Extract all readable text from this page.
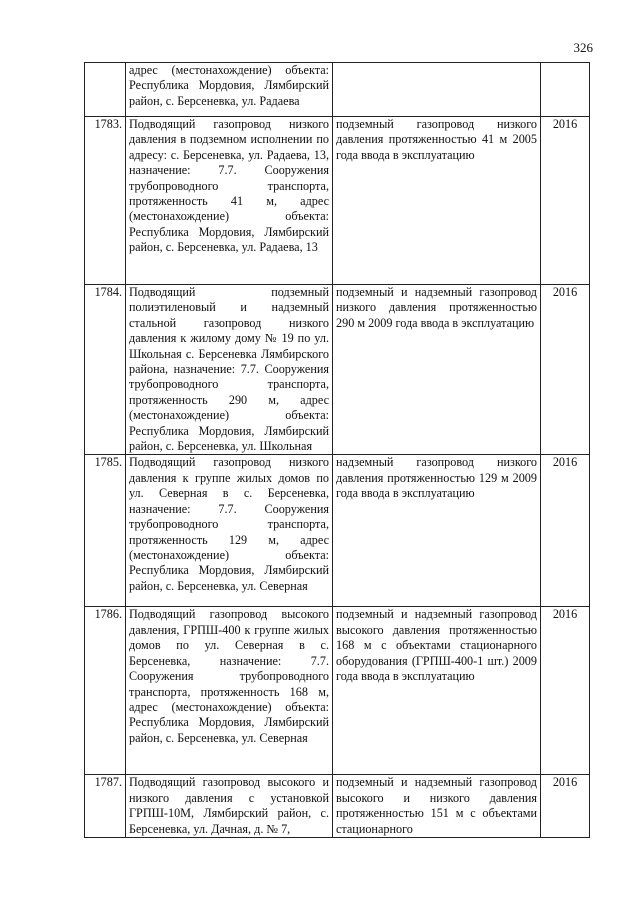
326
	адрес (местонахождение) объекта: Республика Мордовия, Лямбирский район, с. Берсеневка, ул. Радаева		
1783.	Подводящий газопровод низкого давления в подземном исполнении по адресу: с. Берсеневка, ул. Радаева, 13, назначение: 7.7. Сооружения трубопроводного транспорта, протяженность 41 м, адрес (местонахождение) объекта: Республика Мордовия, Лямбирский район, с. Берсеневка, ул. Радаева, 13	подземный газопровод низкого давления протяженностью 41 м 2005 года ввода в эксплуатацию	2016
1784.	Подводящий подземный полиэтиленовый и надземный стальной газопровод низкого давления к жилому дому № 19 по ул. Школьная с. Берсеневка Лямбирского района, назначение: 7.7. Сооружения трубопроводного транспорта, протяженность 290 м, адрес (местонахождение) объекта: Республика Мордовия, Лямбирский район, с. Берсеневка, ул. Школьная	подземный и надземный газопровод низкого давления протяженностью 290 м 2009 года ввода в эксплуатацию	2016
1785.	Подводящий газопровод низкого давления к группе жилых домов по ул. Северная в с. Берсеневка, назначение: 7.7. Сооружения трубопроводного транспорта, протяженность 129 м, адрес (местонахождение) объекта: Республика Мордовия, Лямбирский район, с. Берсеневка, ул. Северная	надземный газопровод низкого давления протяженностью 129 м 2009 года ввода в эксплуатацию	2016
1786.	Подводящий газопровод высокого давления, ГРПШ-400 к группе жилых домов по ул. Северная в с. Берсеневка, назначение: 7.7. Сооружения трубопроводного транспорта, протяженность 168 м, адрес (местонахождение) объекта: Республика Мордовия, Лямбирский район, с. Берсеневка, ул. Северная	подземный и надземный газопровод высокого давления протяженностью 168 м с объектами стационарного оборудования (ГРПШ-400-1 шт.) 2009 года ввода в эксплуатацию	2016
1787.	Подводящий газопровод высокого и низкого давления с установкой ГРПШ-10М, Лямбирский район, с. Берсеневка, ул. Дачная, д. № 7,	подземный и надземный газопровод высокого и низкого давления протяженностью 151 м с объектами стационарного	2016
